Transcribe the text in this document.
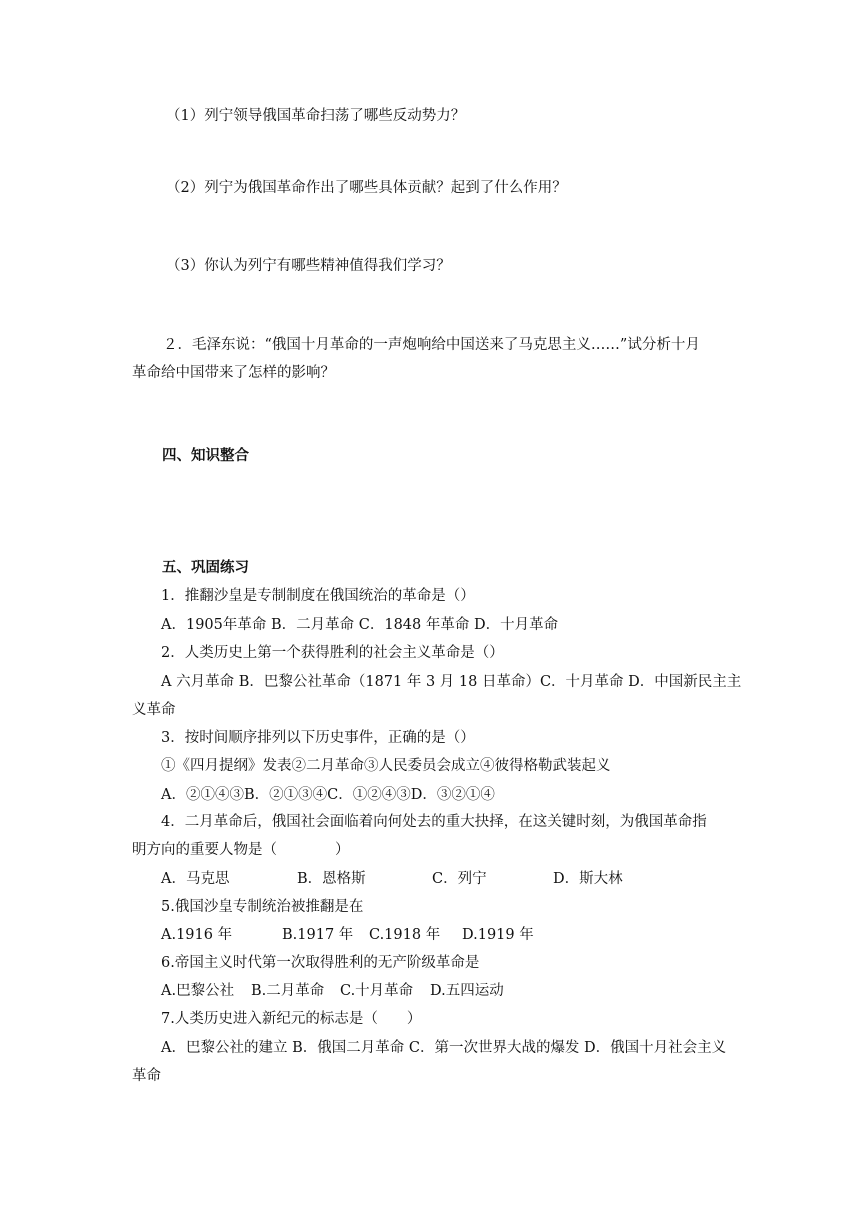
（1）列宁领导俄国革命扫荡了哪些反动势力？
（2）列宁为俄国革命作出了哪些具体贡献？起到了什么作用？
（3）你认为列宁有哪些精神值得我们学习？
２．毛泽东说：“俄国十月革命的一声炮响给中国送来了马克思主义……”试分析十月
革命给中国带来了怎样的影响？
四、知识整合
五、巩固练习
1．推翻沙皇是专制制度在俄国统治的革命是（）
A．1905年革命 B．二月革命 C．1848 年革命 D．十月革命
2．人类历史上第一个获得胜利的社会主义革命是（）
A 六月革命 B．巴黎公社革命（1871 年 3 月 18 日革命）C．十月革命 D．中国新民主主
义革命
3．按时间顺序排列以下历史事件，正确的是（）
①《四月提纲》发表②二月革命③人民委员会成立④彼得格勒武装起义
A．②①④③B．②①③④C．①②④③D．③②①④
4．二月革命后，俄国社会面临着向何处去的重大抉择，在这关键时刻，为俄国革命指
明方向的重要人物是（　　　　）
A．马克思	B．恩格斯	C．列宁	D．斯大林
5.俄国沙皇专制统治被推翻是在
A.1916 年	B.1917 年 C.1918 年 D.1919 年
6.帝国主义时代第一次取得胜利的无产阶级革命是
A.巴黎公社 B.二月革命 C.十月革命 D.五四运动
7.人类历史进入新纪元的标志是（　　）
A．巴黎公社的建立 B．俄国二月革命 C．第一次世界大战的爆发 D．俄国十月社会主义
革命
